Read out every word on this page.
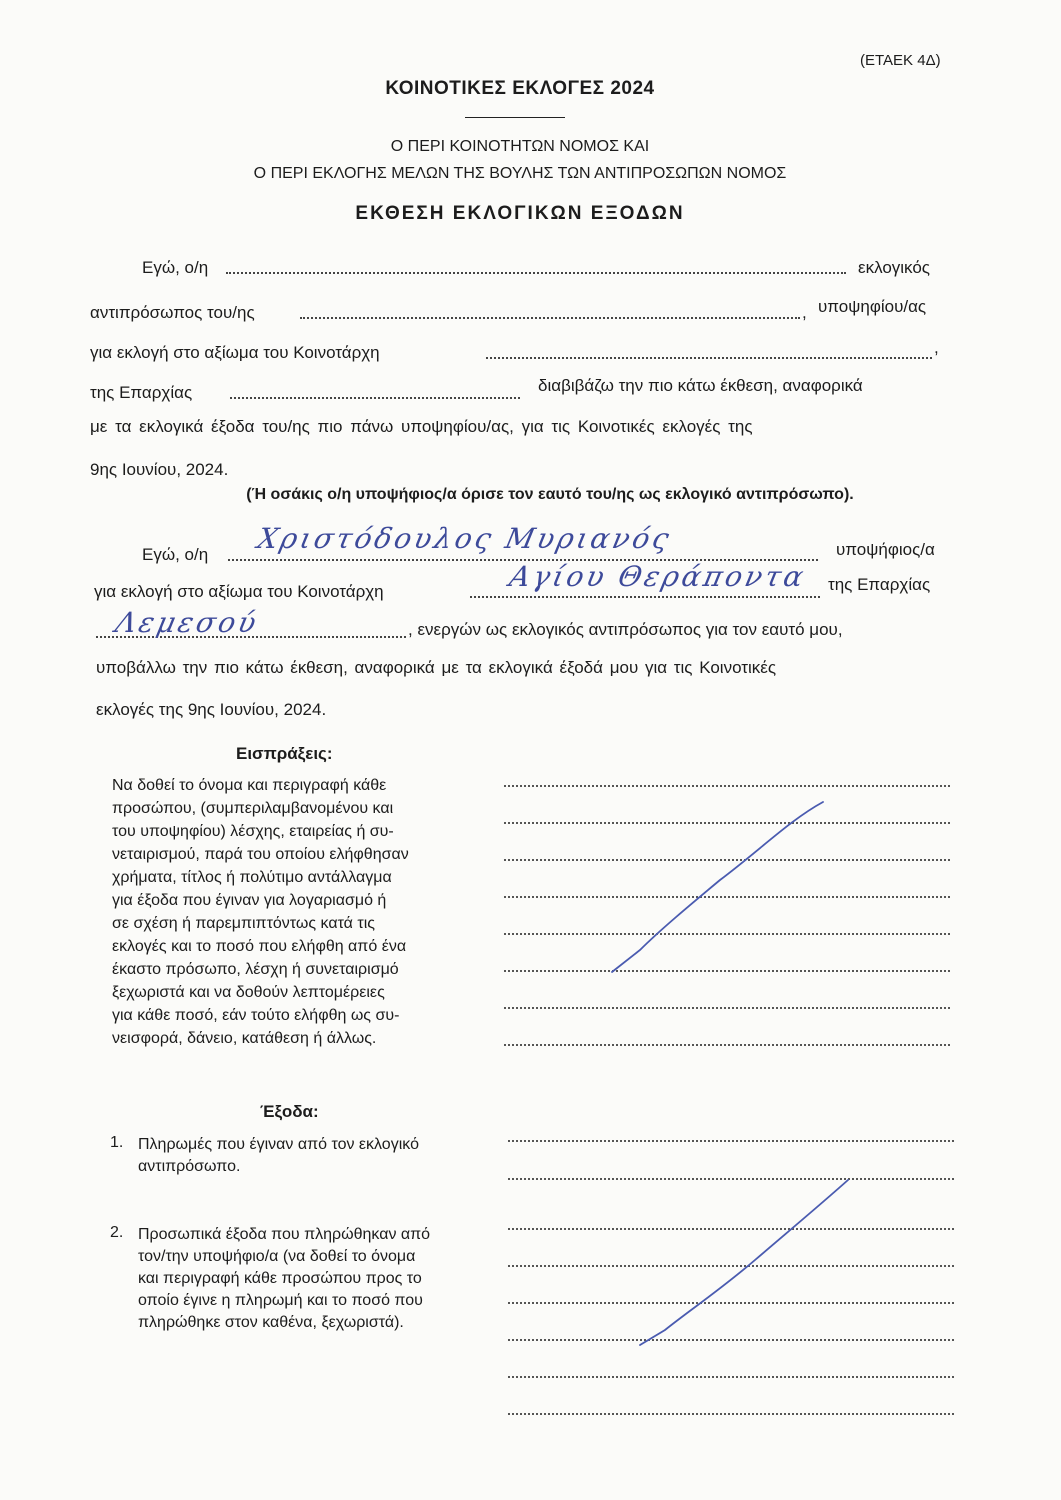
(ΕΤΑΕΚ 4Δ)
ΚΟΙΝΟΤΙΚΕΣ ΕΚΛΟΓΕΣ 2024
Ο ΠΕΡΙ ΚΟΙΝΟΤΗΤΩΝ ΝΟΜΟΣ ΚΑΙ
Ο ΠΕΡΙ ΕΚΛΟΓΗΣ ΜΕΛΩΝ ΤΗΣ ΒΟΥΛΗΣ ΤΩΝ ΑΝΤΙΠΡΟΣΩΠΩΝ ΝΟΜΟΣ
ΕΚΘΕΣΗ ΕΚΛΟΓΙΚΩΝ ΕΞΟΔΩΝ
Εγώ, ο/η	εκλογικός
αντιπρόσωπος του/ης	, υποψηφίου/ας
για εκλογή στο αξίωμα του Κοινοτάρχη	,
της Επαρχίας	διαβιβάζω την πιο κάτω έκθεση, αναφορικά
με τα εκλογικά έξοδα του/ης πιο πάνω υποψηφίου/ας, για τις Κοινοτικές εκλογές της
9ης Ιουνίου, 2024.
(Ή οσάκις ο/η υποψήφιος/α όρισε τον εαυτό του/ης ως εκλογικό αντιπρόσωπο).
Εγώ, ο/η Χριστόδουλος Μυριανός	υποψήφιος/α
για εκλογή στο αξίωμα του Κοινοτάρχη	Αγίου Θεράποντα της Επαρχίας
Λεμεσού	, ενεργών ως εκλογικός αντιπρόσωπος για τον εαυτό μου,
υποβάλλω την πιο κάτω έκθεση, αναφορικά με τα εκλογικά έξοδά μου για τις Κοινοτικές
εκλογές της 9ης Ιουνίου, 2024.
Εισπράξεις:
Να δοθεί το όνομα και περιγραφή κάθε
προσώπου, (συμπεριλαμβανομένου και
του υποψηφίου) λέσχης, εταιρείας ή συ-
νεταιρισμού, παρά του οποίου ελήφθησαν
χρήματα, τίτλος ή πολύτιμο αντάλλαγμα
για έξοδα που έγιναν για λογαριασμό ή
σε σχέση ή παρεμπιπτόντως κατά τις
εκλογές και το ποσό που ελήφθη από ένα
έκαστο πρόσωπο, λέσχη ή συνεταιρισμό
ξεχωριστά και να δοθούν λεπτομέρειες
για κάθε ποσό, εάν τούτο ελήφθη ως συ-
νεισφορά, δάνειο, κατάθεση ή άλλως.
Έξοδα:
1. Πληρωμές που έγιναν από τον εκλογικό
αντιπρόσωπο.
2. Προσωπικά έξοδα που πληρώθηκαν από
τον/την υποψήφιο/α (να δοθεί το όνομα
και περιγραφή κάθε προσώπου προς το
οποίο έγινε η πληρωμή και το ποσό που
πληρώθηκε στον καθένα, ξεχωριστά).
